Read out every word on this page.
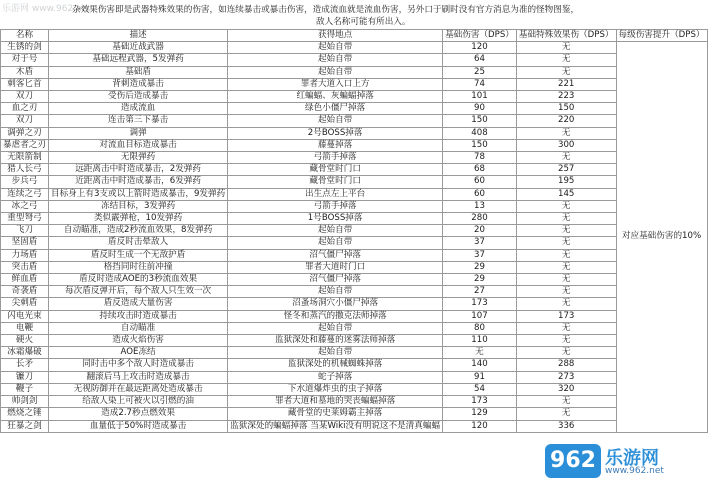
乐游网 www.962.net
杂效果伤害即是武器特殊效果的伤害，如连续暴击或暴击伤害，造成流血就是流血伤害，另外口于刷时没有官方消息为准的怪物图鉴，
敌人名称可能有所出入。
名称	描述	获得地点	基础伤害（DPS）	基础特殊效果伤（DPS）	每级伤害提升（DPS）
生锈的剑	基础近战武器	起始自带	120	无	对应基础伤害的10%
对于号	基础远程武器，5发弹药	起始自带	64	无	
木盾	基础盾	起始自带	25	无	
刺客匕首	背刺造成暴击	罪者大道入口上方	74	221	
双刀	受伤后造成暴击	红蝙蝠、灰蝙蝠掉落	101	223	
血之刃	造成流血	绿色小僵尸掉落	90	150	
双刀	连击第三下暴击	起始自带	150	220	
调弹之刃	调弹	2号BOSS掉落	408	无	
暴虐者之刃	对流血目标造成暴击	藤蔓掉落	150	300	
无限箭制	无限弹药	弓箭手掉落	78	无	
猎人长弓	远距离击中时造成暴击，2发弹药	藏骨堂时门口	68	257	
步兵弓	近距离击中时造成暴击，6发弹药	藏骨堂时门口	60	195	
连续之弓	目标身上有3支或以上箭时造成暴击，9发弹药	出生点左上平台	60	145	
冰之弓	冻结目标，3发弹药	弓箭手掉落	13	无	
重型弩弓	类似霰弹枪，10发弹药	1号BOSS掉落	280	无	
飞刀	自动瞄准，造成2秒流血效果，8发弹药	起始自带	20	无	
坚固盾	盾反时击晕敌人	起始自带	37	无	
力场盾	盾反时生成一个无敌护盾	沼气僵尸掉落	37	无	
突击盾	格挡同时往前冲撞	罪者大道时门口	29	无	
鲜血盾	盾反时造成AOE的3秒流血效果	沼气僵尸掉落	29	无	
奇袭盾	每次盾反弹开后，每个敌人只生效一次	起始自带	27	无	
尖刺盾	盾反造成大量伤害	沼蚤场洞穴小僵尸掉落	173	无	
闪电光束	持续攻击时造成暴击	怪冬和蒸汽的撒克法师掉落	107	173	
电鞭	自动瞄准	起始自带	80	无	
硬火	造成火焰伤害	监狱深处和藤蔓的迷雾法师掉落	110	无	
冰霜爆破	AOE冻结	起始自带	无	无	
长矛	同时击中多个敌人时造成暴击	监狱深处的机械蜘蛛掉落	140	288	
镰刀	翻滚后马上攻击时造成暴击	蛇子掉落	91	273	
鞭子	无视防御并在最远距离处造成暴击	下水道爆炸虫的虫子掉落	54	320	
帅剑剑	给敌人染上可被火以引燃的油	罪者大道和墓地的哭丧蝙蝠掉落	173	无	
燃烧之锤	造成2.7秒点燃效果	藏骨堂的史莱姆霸主掉落	129	无	
狂暴之剑	血量低于50%时造成暴击	监狱深处的蝙蝠掉落 当某Wiki没有明说这不是清真蝙蝠	120	336	
962 乐游网
www.962.net
